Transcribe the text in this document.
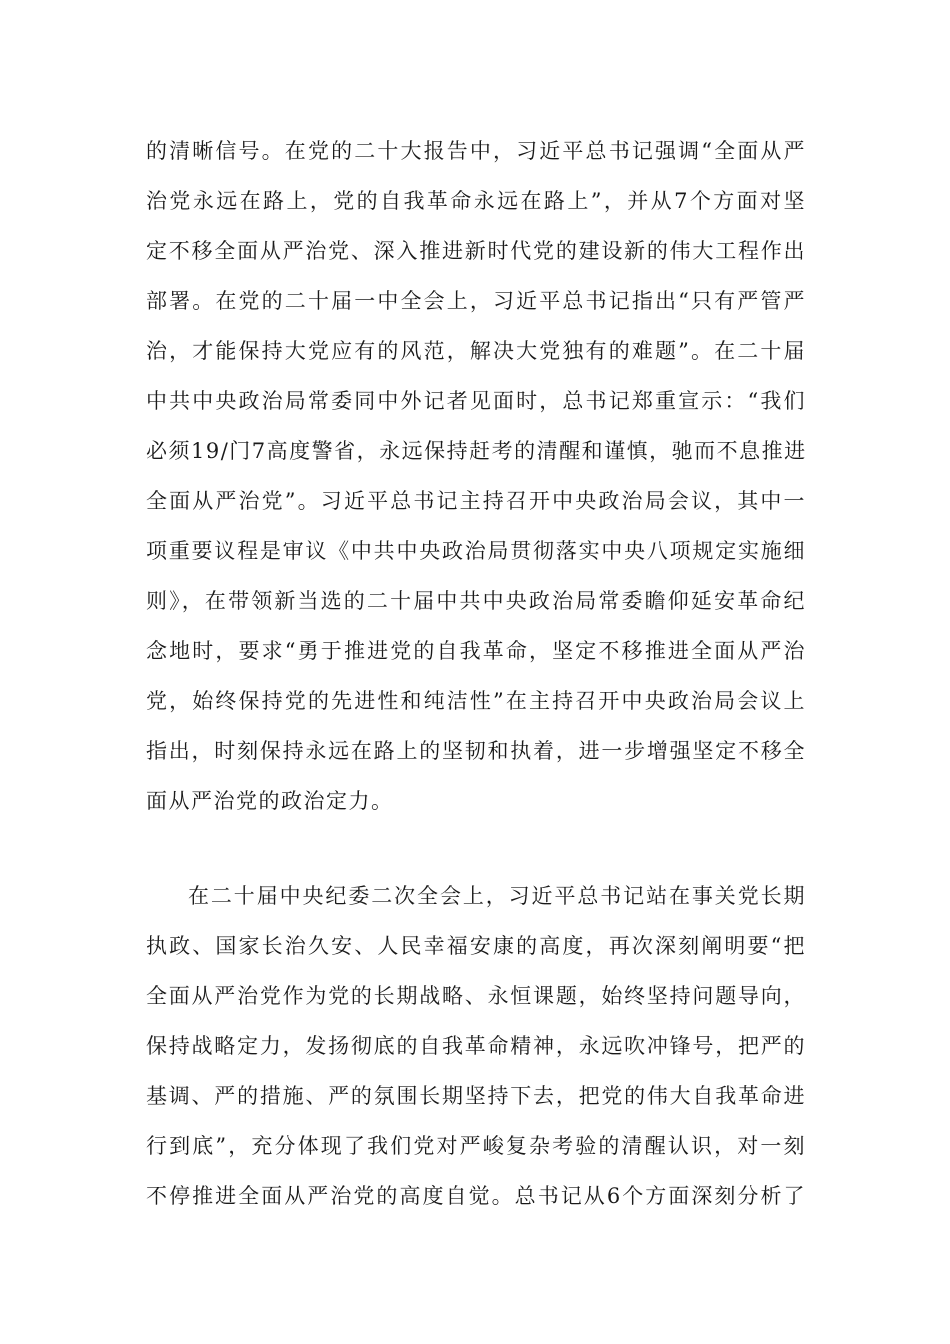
的清晰信号。在党的二十大报告中，习近平总书记强调“全面从严
治党永远在路上，党的自我革命永远在路上”，并从7个方面对坚
定不移全面从严治党、深入推进新时代党的建设新的伟大工程作出
部署。在党的二十届一中全会上，习近平总书记指出“只有严管严
治，才能保持大党应有的风范，解决大党独有的难题”。在二十届
中共中央政治局常委同中外记者见面时，总书记郑重宣示：“我们
必须19/门7高度警省，永远保持赶考的清醒和谨慎，驰而不息推进
全面从严治党”。习近平总书记主持召开中央政治局会议，其中一
项重要议程是审议《中共中央政治局贯彻落实中央八项规定实施细
则》，在带领新当选的二十届中共中央政治局常委瞻仰延安革命纪
念地时，要求“勇于推进党的自我革命，坚定不移推进全面从严治
党，始终保持党的先进性和纯洁性”在主持召开中央政治局会议上
指出，时刻保持永远在路上的坚韧和执着，进一步增强坚定不移全
面从严治党的政治定力。
在二十届中央纪委二次全会上，习近平总书记站在事关党长期
执政、国家长治久安、人民幸福安康的高度，再次深刻阐明要“把
全面从严治党作为党的长期战略、永恒课题，始终坚持问题导向，
保持战略定力，发扬彻底的自我革命精神，永远吹冲锋号，把严的
基调、严的措施、严的氛围长期坚持下去，把党的伟大自我革命进
行到底”，充分体现了我们党对严峻复杂考验的清醒认识，对一刻
不停推进全面从严治党的高度自觉。总书记从6个方面深刻分析了
